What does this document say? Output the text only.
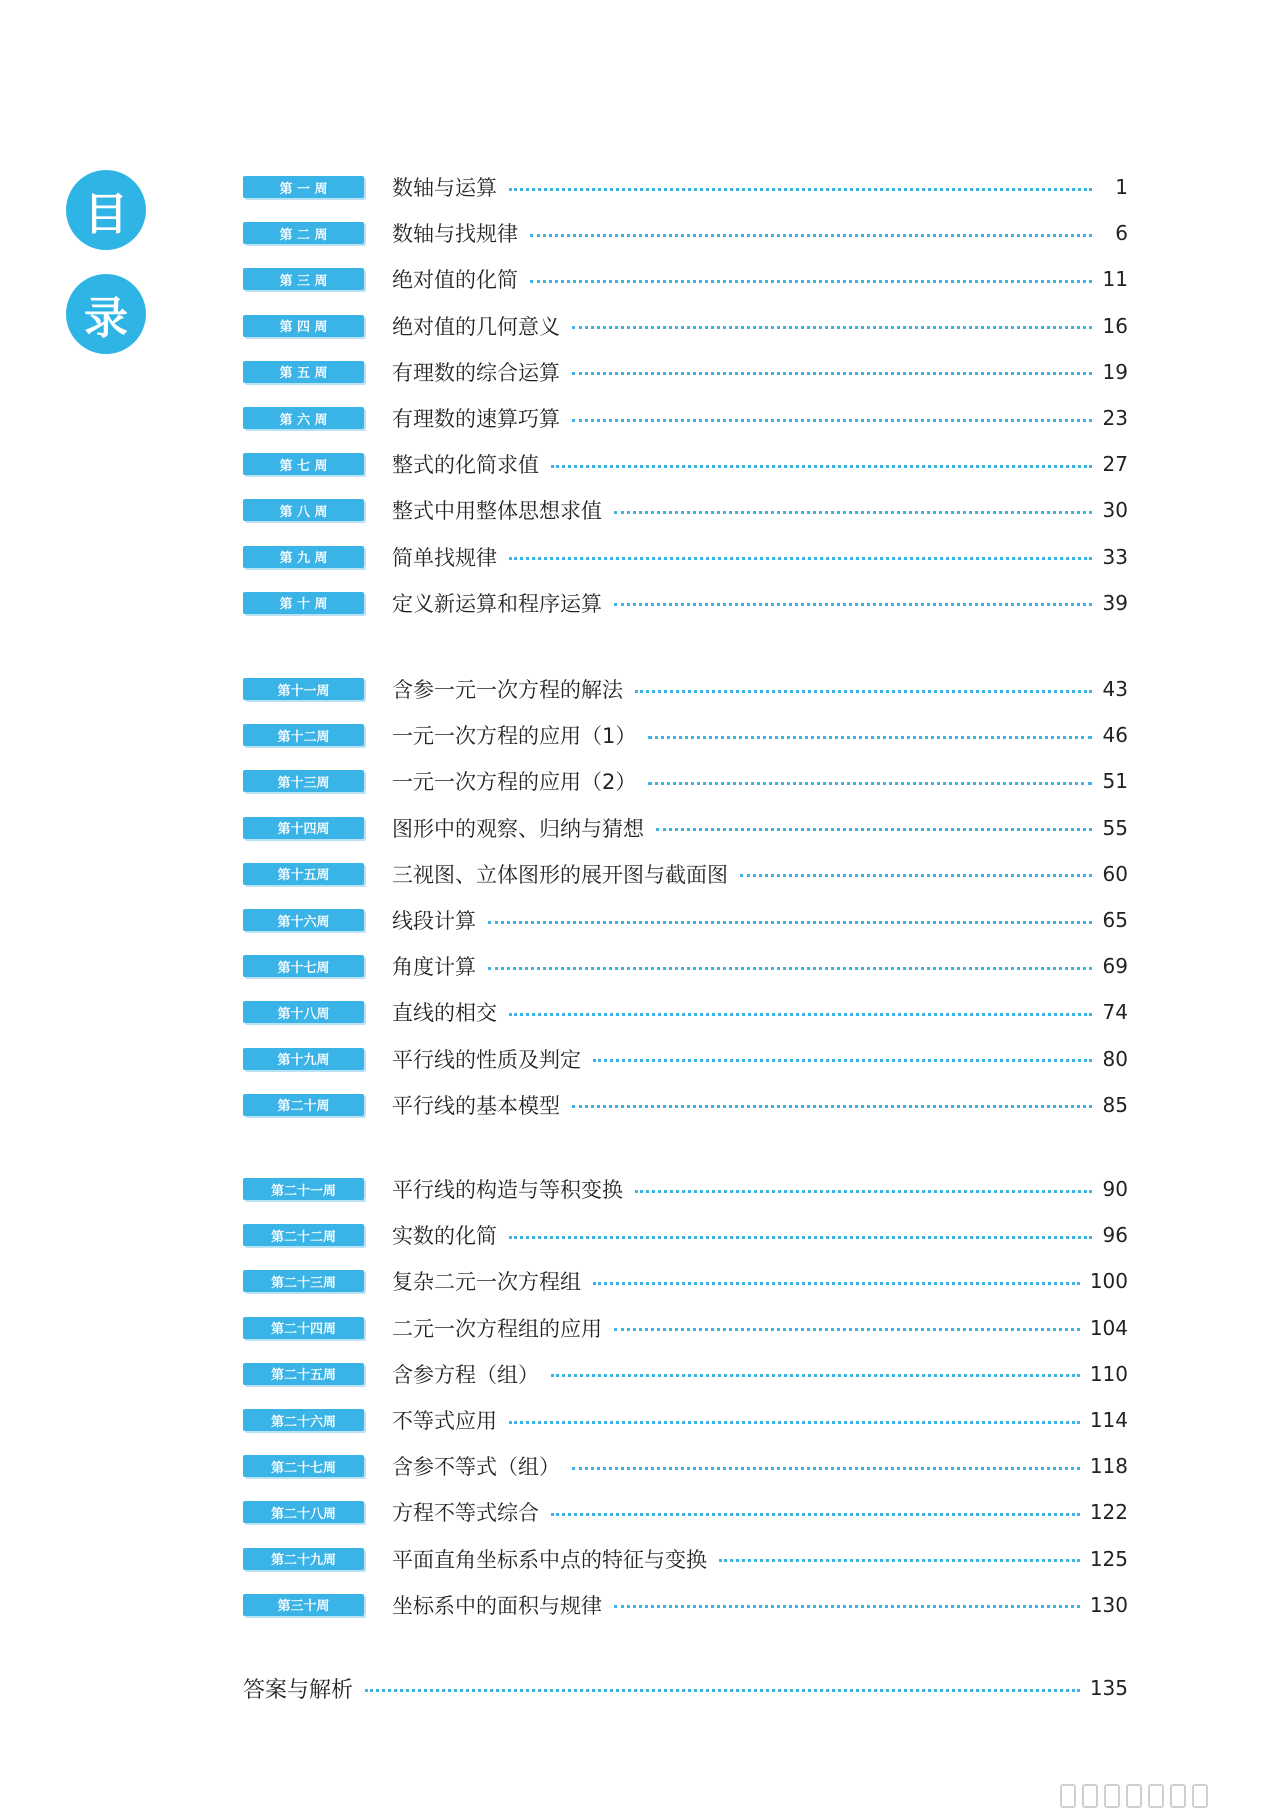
目
录
第 一 周	数轴与运算	1
第 二 周	数轴与找规律	6
第 三 周	绝对值的化简	11
第 四 周	绝对值的几何意义	16
第 五 周	有理数的综合运算	19
第 六 周	有理数的速算巧算	23
第 七 周	整式的化简求值	27
第 八 周	整式中用整体思想求值	30
第 九 周	简单找规律	33
第 十 周	定义新运算和程序运算	39
第十一周	含参一元一次方程的解法	43
第十二周	一元一次方程的应用（1）	46
第十三周	一元一次方程的应用（2）	51
第十四周	图形中的观察、归纳与猜想	55
第十五周	三视图、立体图形的展开图与截面图	60
第十六周	线段计算	65
第十七周	角度计算	69
第十八周	直线的相交	74
第十九周	平行线的性质及判定	80
第二十周	平行线的基本模型	85
第二十一周	平行线的构造与等积变换	90
第二十二周	实数的化简	96
第二十三周	复杂二元一次方程组	100
第二十四周	二元一次方程组的应用	104
第二十五周	含参方程（组）	110
第二十六周	不等式应用	114
第二十七周	含参不等式（组）	118
第二十八周	方程不等式综合	122
第二十九周	平面直角坐标系中点的特征与变换	125
第三十周	坐标系中的面积与规律	130
答案与解析	135
